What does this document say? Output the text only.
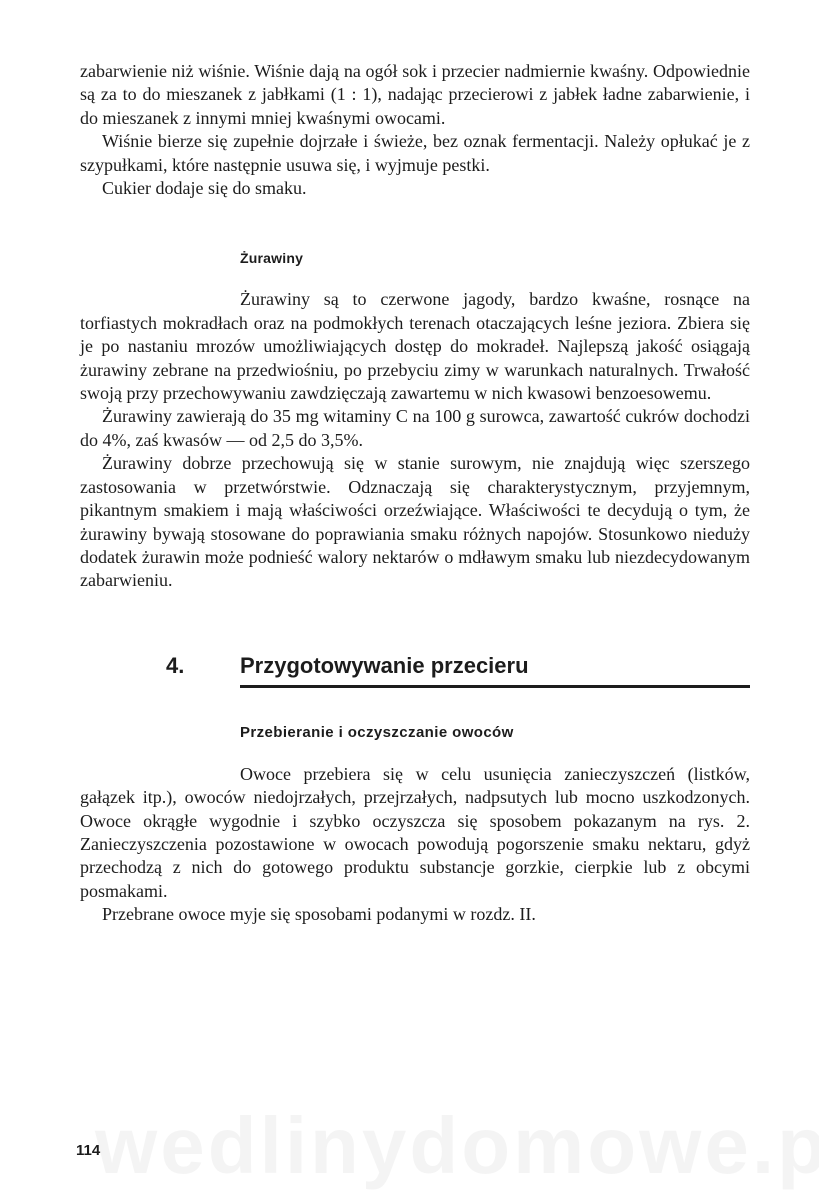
zabarwienie niż wiśnie. Wiśnie dają na ogół sok i przecier nadmiernie kwaśny. Odpowiednie są za to do mieszanek z jabłkami (1 : 1), nadając przecierowi z jabłek ładne zabarwienie, i do mieszanek z innymi mniej kwaśnymi owocami.

Wiśnie bierze się zupełnie dojrzałe i świeże, bez oznak fermentacji. Należy opłukać je z szypułkami, które następnie usuwa się, i wyjmuje pestki.

Cukier dodaje się do smaku.

Żurawiny

Żurawiny są to czerwone jagody, bardzo kwaśne, rosnące na torfiastych mokradłach oraz na podmokłych terenach otaczających leśne jeziora. Zbiera się je po nastaniu mrozów umożliwiających dostęp do mokradeł. Najlepszą jakość osiągają żurawiny zebrane na przedwiośniu, po przebyciu zimy w warunkach naturalnych. Trwałość swoją przy przechowywaniu zawdzięczają zawartemu w nich kwasowi benzoesowemu.

Żurawiny zawierają do 35 mg witaminy C na 100 g surowca, zawartość cukrów dochodzi do 4%, zaś kwasów — od 2,5 do 3,5%.

Żurawiny dobrze przechowują się w stanie surowym, nie znajdują więc szerszego zastosowania w przetwórstwie. Odznaczają się charakterystycznym, przyjemnym, pikantnym smakiem i mają właściwości orzeźwiające. Właściwości te decydują o tym, że żurawiny bywają stosowane do poprawiania smaku różnych napojów. Stosunkowo nieduży dodatek żurawin może podnieść walory nektarów o mdławym smaku lub niezdecydowanym zabarwieniu.

4.	Przygotowywanie przecieru
Przebieranie i oczyszczanie owoców

Owoce przebiera się w celu usunięcia zanieczyszczeń (listków, gałązek itp.), owoców niedojrzałych, przejrzałych, nadpsutych lub mocno uszkodzonych. Owoce okrągłe wygodnie i szybko oczyszcza się sposobem pokazanym na rys. 2. Zanieczyszczenia pozostawione w owocach powodują pogorszenie smaku nektaru, gdyż przechodzą z nich do gotowego produktu substancje gorzkie, cierpkie lub z obcymi posmakami.

Przebrane owoce myje się sposobami podanymi w rozdz. II.

114
